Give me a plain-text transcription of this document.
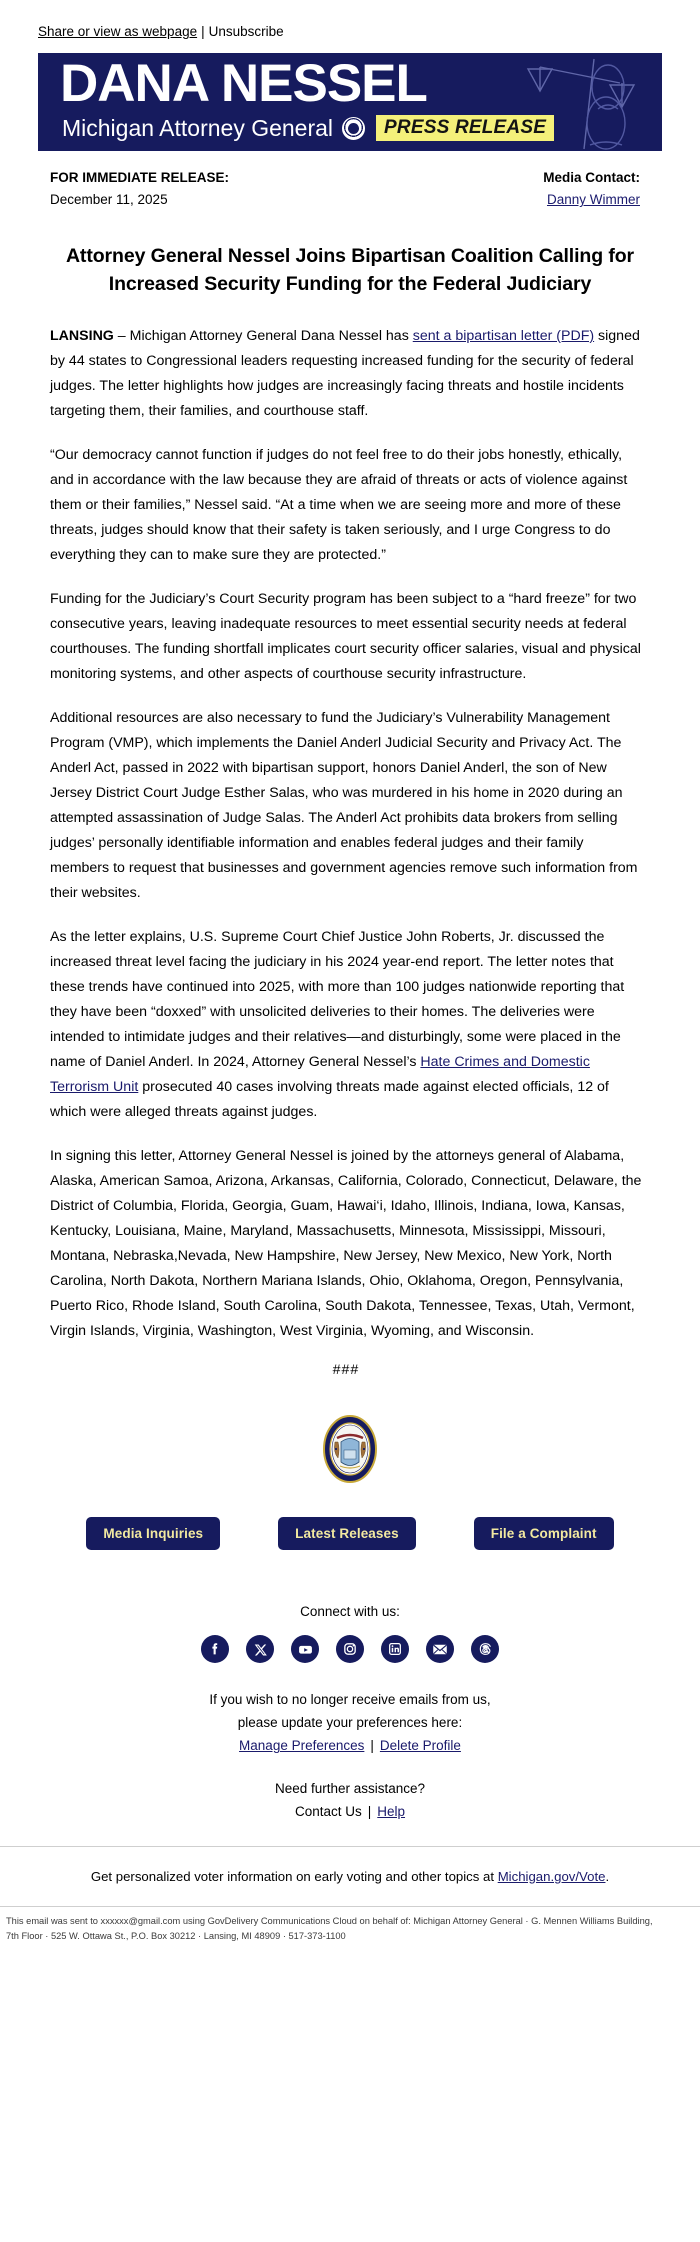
Share or view as webpage | Unsubscribe
DANA NESSEL
Michigan Attorney General	PRESS RELEASE
FOR IMMEDIATE RELEASE:
December 11, 2025
Media Contact:
Danny Wimmer
Attorney General Nessel Joins Bipartisan Coalition Calling for Increased Security Funding for the Federal Judiciary

LANSING – Michigan Attorney General Dana Nessel has sent a bipartisan letter (PDF) signed by 44 states to Congressional leaders requesting increased funding for the security of federal judges. The letter highlights how judges are increasingly facing threats and hostile incidents targeting them, their families, and courthouse staff.

“Our democracy cannot function if judges do not feel free to do their jobs honestly, ethically, and in accordance with the law because they are afraid of threats or acts of violence against them or their families,” Nessel said. “At a time when we are seeing more and more of these threats, judges should know that their safety is taken seriously, and I urge Congress to do everything they can to make sure they are protected.”

Funding for the Judiciary’s Court Security program has been subject to a “hard freeze” for two consecutive years, leaving inadequate resources to meet essential security needs at federal courthouses. The funding shortfall implicates court security officer salaries, visual and physical monitoring systems, and other aspects of courthouse security infrastructure.

Additional resources are also necessary to fund the Judiciary’s Vulnerability Management Program (VMP), which implements the Daniel Anderl Judicial Security and Privacy Act. The Anderl Act, passed in 2022 with bipartisan support, honors Daniel Anderl, the son of New Jersey District Court Judge Esther Salas, who was murdered in his home in 2020 during an attempted assassination of Judge Salas. The Anderl Act prohibits data brokers from selling judges’ personally identifiable information and enables federal judges and their family members to request that businesses and government agencies remove such information from their websites.

As the letter explains, U.S. Supreme Court Chief Justice John Roberts, Jr. discussed the increased threat level facing the judiciary in his 2024 year-end report. The letter notes that these trends have continued into 2025, with more than 100 judges nationwide reporting that they have been “doxxed” with unsolicited deliveries to their homes. The deliveries were intended to intimidate judges and their relatives—and disturbingly, some were placed in the name of Daniel Anderl. In 2024, Attorney General Nessel’s Hate Crimes and Domestic Terrorism Unit prosecuted 40 cases involving threats made against elected officials, 12 of which were alleged threats against judges.

In signing this letter, Attorney General Nessel is joined by the attorneys general of Alabama, Alaska, American Samoa, Arizona, Arkansas, California, Colorado, Connecticut, Delaware, the District of Columbia, Florida, Georgia, Guam, Hawai‘i, Idaho, Illinois, Indiana, Iowa, Kansas, Kentucky, Louisiana, Maine, Maryland, Massachusetts, Minnesota, Mississippi, Missouri, Montana, Nebraska,Nevada, New Hampshire, New Jersey, New Mexico, New York, North Carolina, North Dakota, Northern Mariana Islands, Ohio, Oklahoma, Oregon, Pennsylvania, Puerto Rico, Rhode Island, South Carolina, South Dakota, Tennessee, Texas, Utah, Vermont, Virgin Islands, Virginia, Washington, West Virginia, Wyoming, and Wisconsin.

###
Media Inquiries	Latest Releases	File a Complaint
Connect with us:
If you wish to no longer receive emails from us,
please update your preferences here:
Manage Preferences | Delete Profile
Need further assistance?
Contact Us | Help
Get personalized voter information on early voting and other topics at Michigan.gov/Vote.
This email was sent to xxxxxx@gmail.com using GovDelivery Communications Cloud on behalf of: Michigan Attorney General · G. Mennen Williams Building,
7th Floor · 525 W. Ottawa St., P.O. Box 30212 · Lansing, MI 48909 · 517-373-1100
